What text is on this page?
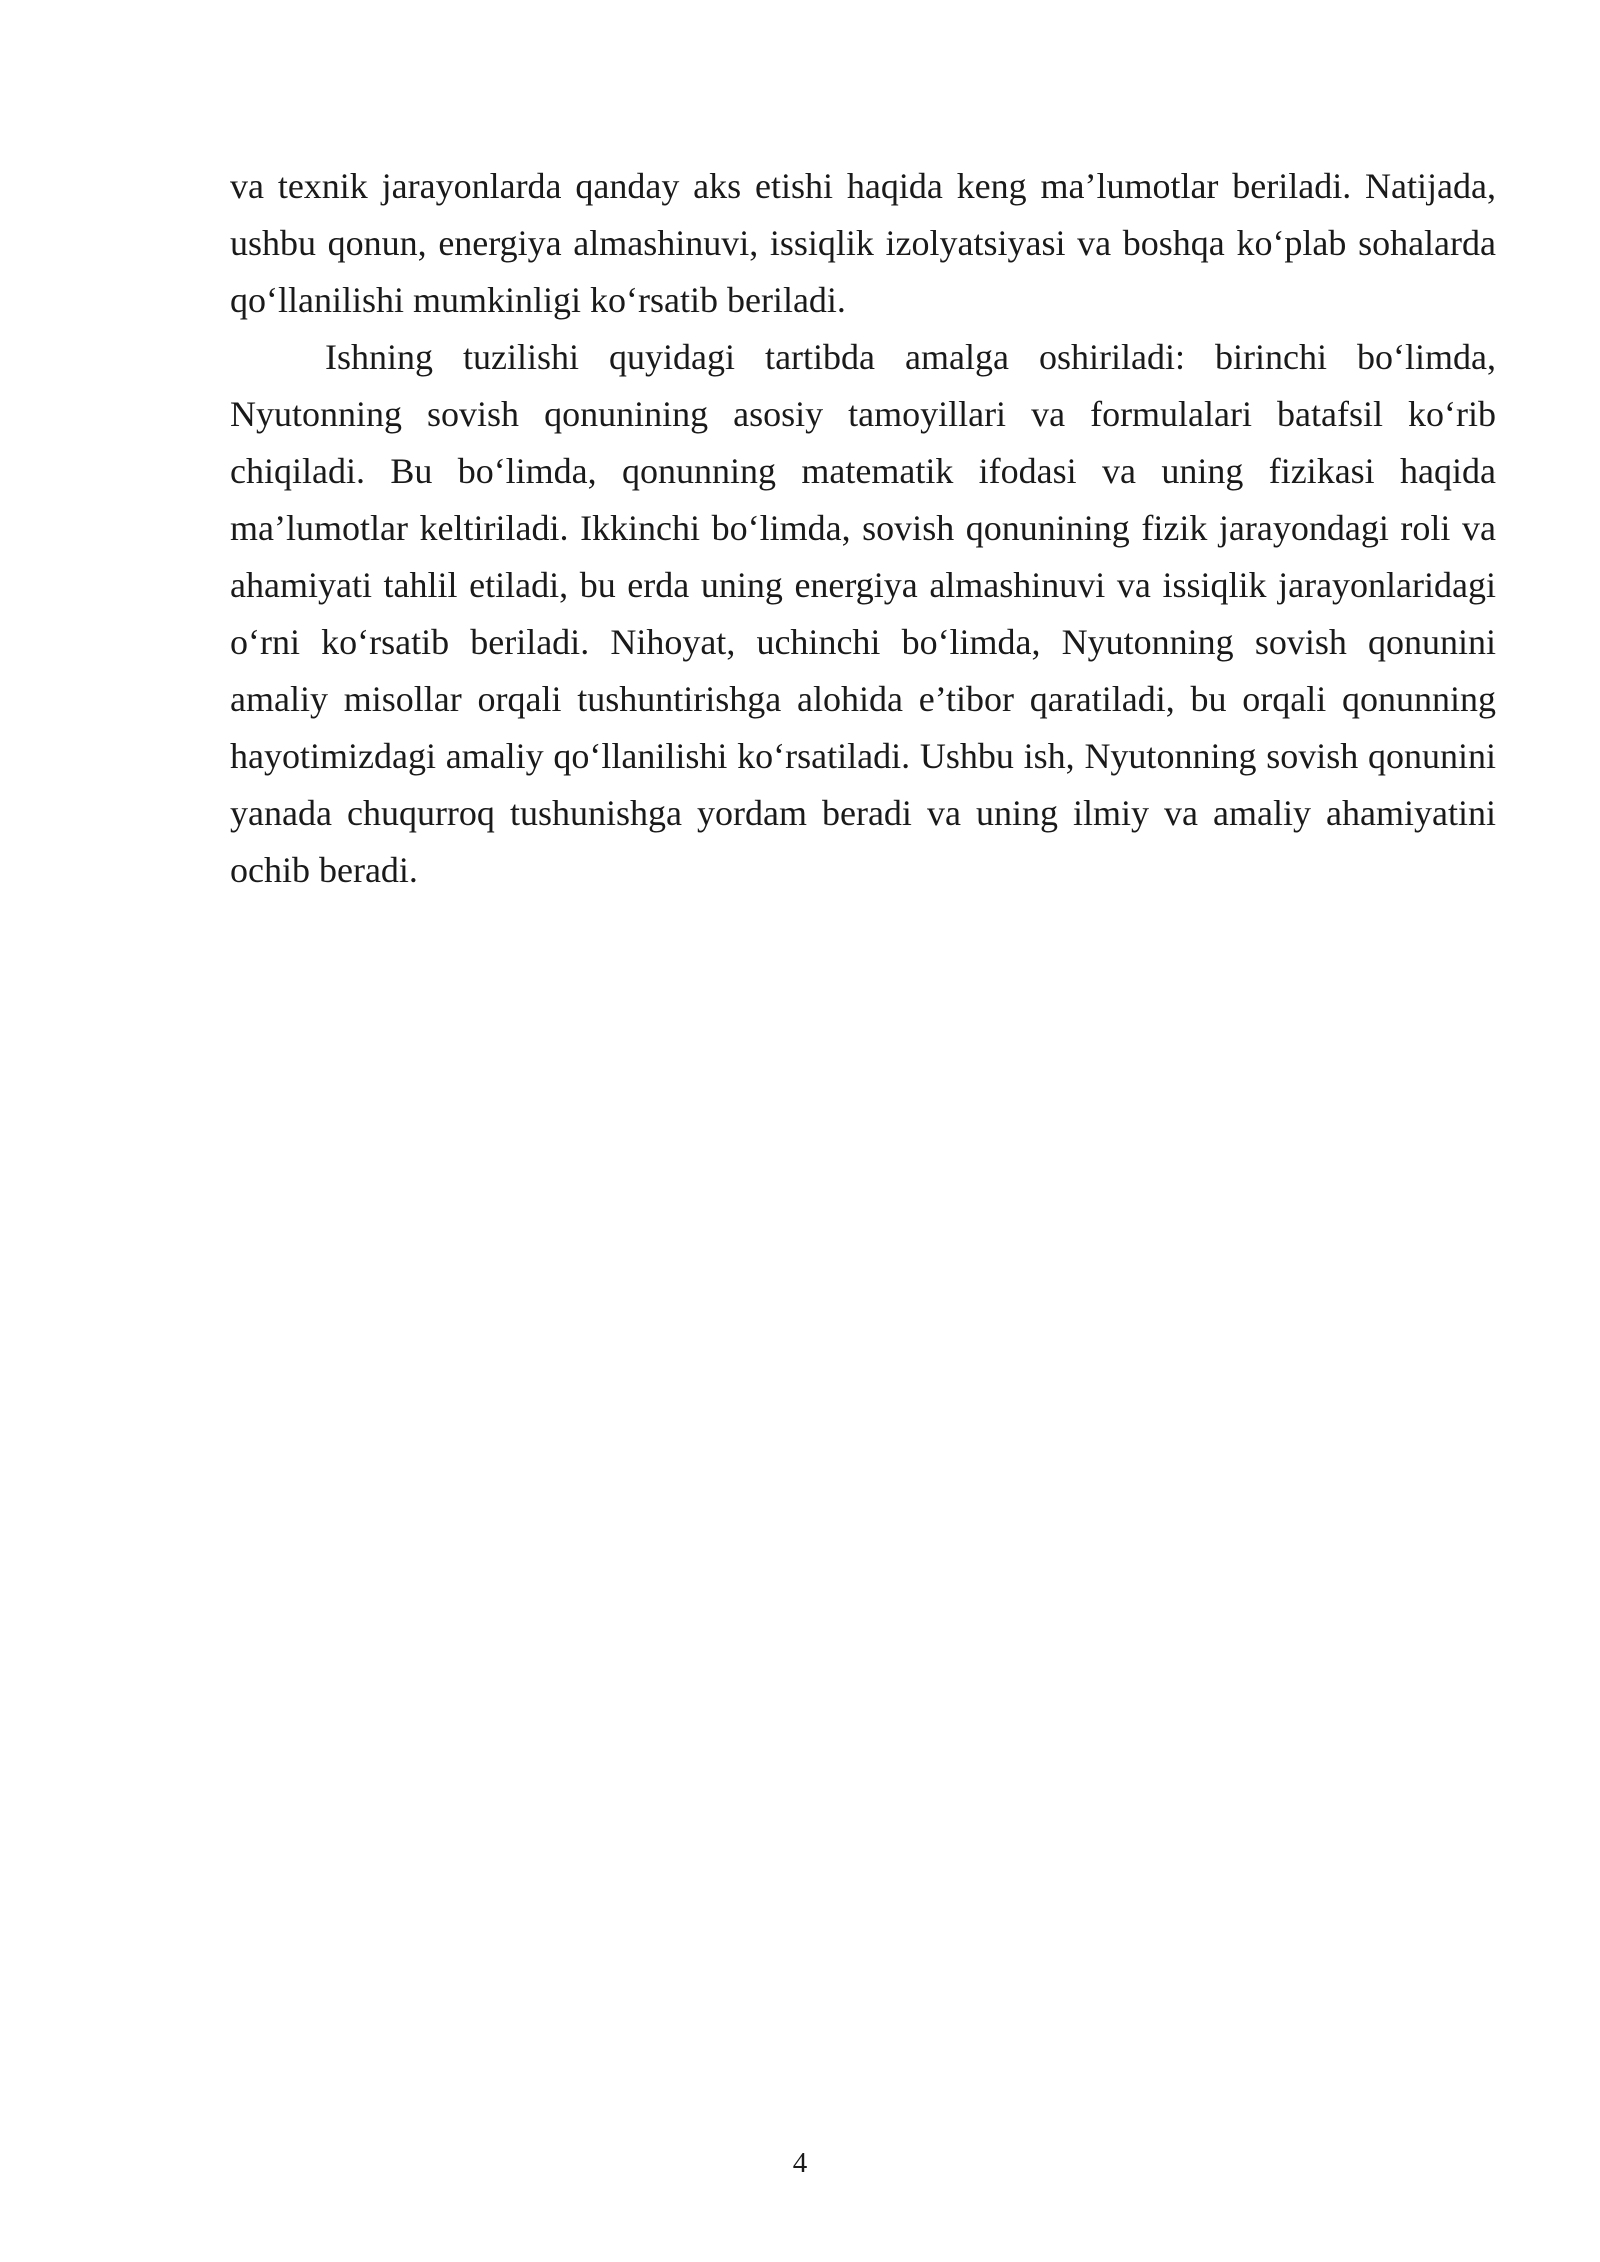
va texnik jarayonlarda qanday aks etishi haqida keng ma’lumotlar beriladi. Natijada, ushbu qonun, energiya almashinuvi, issiqlik izolyatsiyasi va boshqa ko‘plab sohalarda qo‘llanilishi mumkinligi ko‘rsatib beriladi.

Ishning tuzilishi quyidagi tartibda amalga oshiriladi: birinchi bo‘limda, Nyutonning sovish qonunining asosiy tamoyillari va formulalari batafsil ko‘rib chiqiladi. Bu bo‘limda, qonunning matematik ifodasi va uning fizikasi haqida ma’lumotlar keltiriladi. Ikkinchi bo‘limda, sovish qonunining fizik jarayondagi roli va ahamiyati tahlil etiladi, bu erda uning energiya almashinuvi va issiqlik jarayonlaridagi o‘rni ko‘rsatib beriladi. Nihoyat, uchinchi bo‘limda, Nyutonning sovish qonunini amaliy misollar orqali tushuntirishga alohida e’tibor qaratiladi, bu orqali qonunning hayotimizdagi amaliy qo‘llanilishi ko‘rsatiladi. Ushbu ish, Nyutonning sovish qonunini yanada chuqurroq tushunishga yordam beradi va uning ilmiy va amaliy ahamiyatini ochib beradi.

4
